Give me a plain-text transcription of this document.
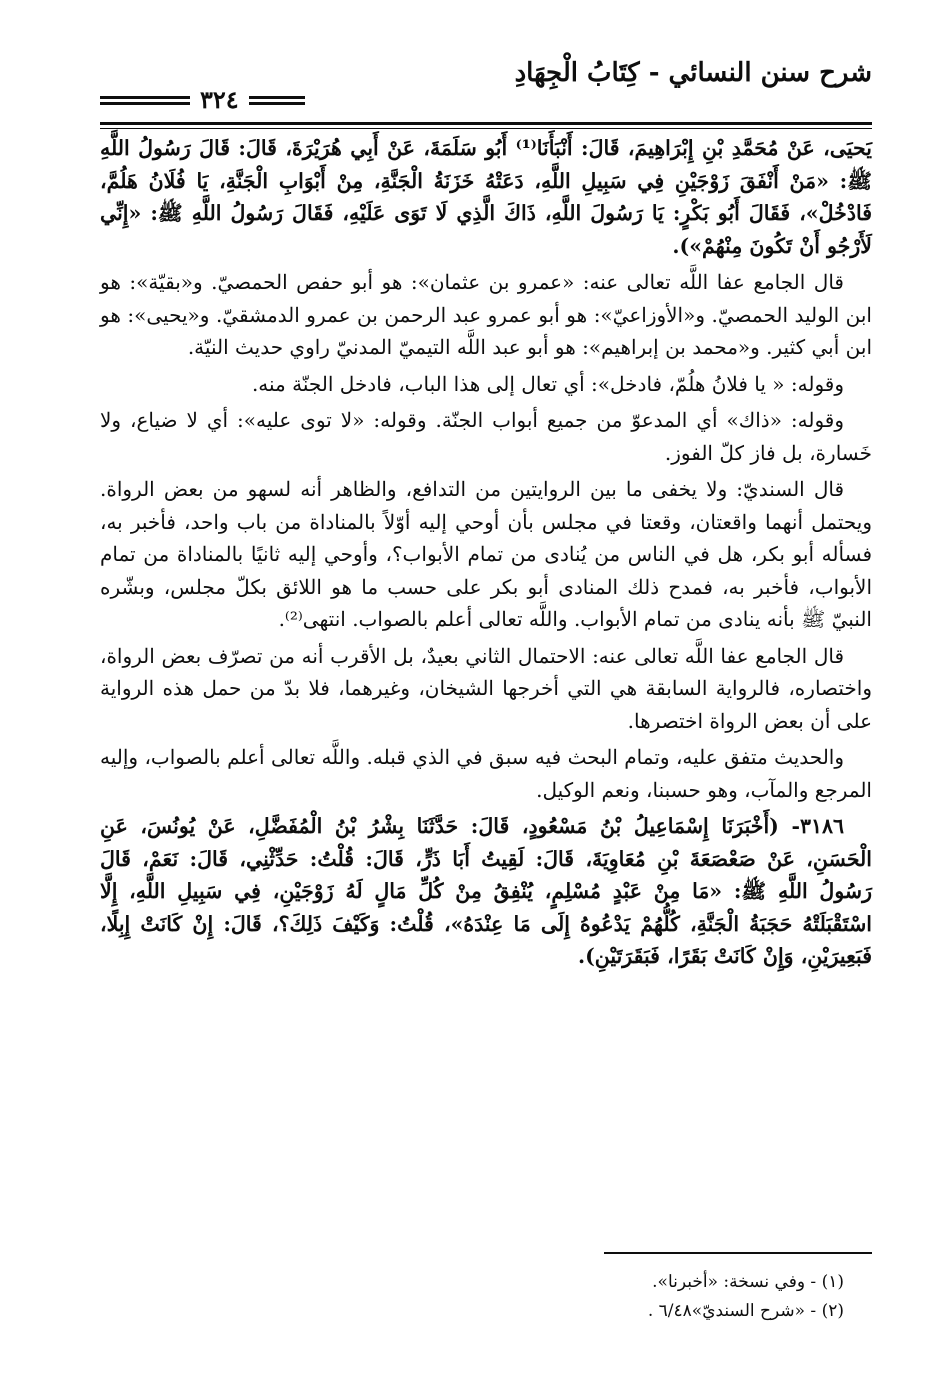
شرح سنن النسائي - كِتَابُ الْجِهَادِ
٣٢٤

يَحيَى، عَنْ مُحَمَّدِ بْنِ إِبْرَاهِيمَ، قَالَ: أَنْبَأَنَا⁽¹⁾ أَبُو سَلَمَةَ، عَنْ أَبِي هُرَيْرَةَ، قَالَ: قَالَ رَسُولُ اللَّهِ ﷺ: «مَنْ أَنْفَقَ زَوْجَيْنِ فِي سَبِيلِ اللَّهِ، دَعَتْهُ خَزَنَةُ الْجَنَّةِ، مِنْ أَبْوَابِ الْجَنَّةِ، يَا فُلَانُ هَلُمَّ، فَادْخُلْ»، فَقَالَ أَبُو بَكْرٍ: يَا رَسُولَ اللَّهِ، ذَاكَ الَّذِي لَا تَوَى عَلَيْهِ، فَقَالَ رَسُولُ اللَّهِ ﷺ: «إِنِّي لَأَرْجُو أَنْ تَكُونَ مِنْهُمْ»).

قال الجامع عفا اللَّه تعالى عنه: «عمرو بن عثمان»: هو أبو حفص الحمصيّ. و«بقيّة»: هو ابن الوليد الحمصيّ. و«الأوزاعيّ»: هو أبو عمرو عبد الرحمن بن عمرو الدمشقيّ. و«يحيى»: هو ابن أبي كثير. و«محمد بن إبراهيم»: هو أبو عبد اللَّه التيميّ المدنيّ راوي حديث النيّة.

وقوله: « يا فلانُ هلُمّ، فادخل»: أي تعال إلى هذا الباب، فادخل الجنّة منه.

وقوله: «ذاك» أي المدعوّ من جميع أبواب الجنّة. وقوله: «لا توى عليه»: أي لا ضياع، ولا خَسارة، بل فاز كلّ الفوز.

قال السنديّ: ولا يخفى ما بين الروايتين من التدافع، والظاهر أنه لسهو من بعض الرواة. ويحتمل أنهما واقعتان، وقعتا في مجلس بأن أوحي إليه أوّلاً بالمناداة من باب واحد، فأخبر به، فسأله أبو بكر، هل في الناس من يُنادى من تمام الأبواب؟، وأوحي إليه ثانيًا بالمناداة من تمام الأبواب، فأخبر به، فمدح ذلك المنادى أبو بكر على حسب ما هو اللائق بكلّ مجلس، وبشّره النبيّ ﷺ بأنه ينادى من تمام الأبواب. واللَّه تعالى أعلم بالصواب. انتهى⁽²⁾.

قال الجامع عفا اللَّه تعالى عنه: الاحتمال الثاني بعيدٌ، بل الأقرب أنه من تصرّف بعض الرواة، واختصاره، فالرواية السابقة هي التي أخرجها الشيخان، وغيرهما، فلا بدّ من حمل هذه الرواية على أن بعض الرواة اختصرها.

والحديث متفق عليه، وتمام البحث فيه سبق في الذي قبله. واللَّه تعالى أعلم بالصواب، وإليه المرجع والمآب، وهو حسبنا، ونعم الوكيل.

٣١٨٦- (أَخْبَرَنَا إِسْمَاعِيلُ بْنُ مَسْعُودٍ، قَالَ: حَدَّثَنَا بِشْرُ بْنُ الْمُفَضَّلِ، عَنْ يُونُسَ، عَنِ الْحَسَنِ، عَنْ صَعْصَعَةَ بْنِ مُعَاوِيَةَ، قَالَ: لَقِيتُ أَبَا ذَرٍّ، قَالَ: قُلْتُ: حَدِّثْنِي، قَالَ: نَعَمْ، قَالَ رَسُولُ اللَّهِ ﷺ: «مَا مِنْ عَبْدٍ مُسْلِمٍ، يُنْفِقُ مِنْ كُلِّ مَالٍ لَهُ زَوْجَيْنِ، فِي سَبِيلِ اللَّهِ، إِلَّا اسْتَقْبَلَتْهُ حَجَبَةُ الْجَنَّةِ، كُلُّهُمْ يَدْعُوهُ إِلَى مَا عِنْدَهُ»، قُلْتُ: وَكَيْفَ ذَلِكَ؟، قَالَ: إِنْ كَانَتْ إِبِلًا، فَبَعِيرَيْنِ، وَإِنْ كَانَتْ بَقَرًا، فَبَقَرَتَيْنِ).

(١) - وفي نسخة: «أخبرنا».

(٢) - «شرح السنديّ»٦/٤٨ .
